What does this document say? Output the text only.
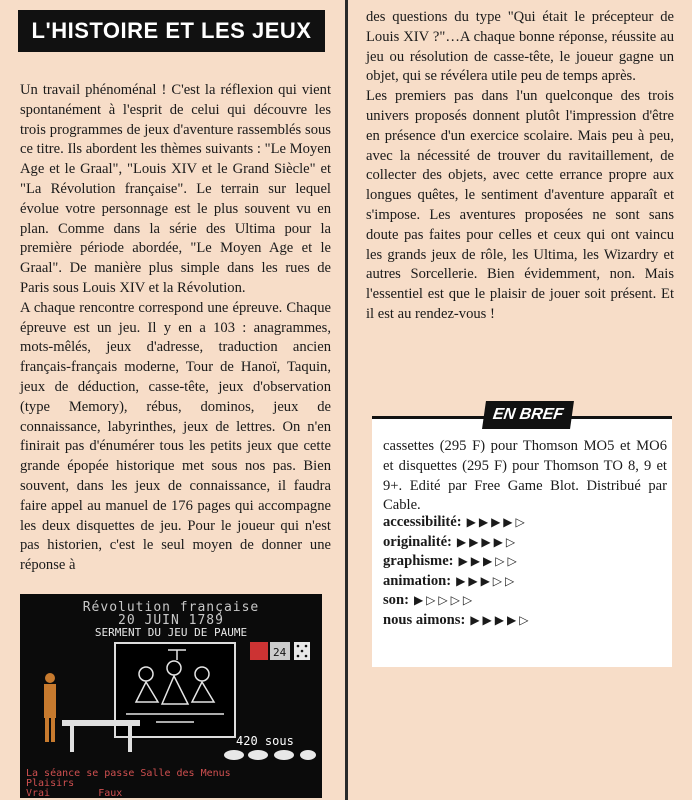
L'HISTOIRE ET LES JEUX

Un travail phénoménal ! C'est la réflexion qui vient spontanément à l'esprit de celui qui découvre les trois programmes de jeux d'aventure rassemblés sous ce titre. Ils abordent les thèmes suivants : "Le Moyen Age et le Graal", "Louis XIV et le Grand Siècle" et "La Révolution française". Le terrain sur lequel évolue votre personnage est le plus souvent vu en plan. Comme dans la série des Ultima pour la première période abordée, "Le Moyen Age et le Graal". De manière plus simple dans les rues de Paris sous Louis XIV et la Révolution.

A chaque rencontre correspond une épreuve. Chaque épreuve est un jeu. Il y en a 103 : anagrammes, mots-mêlés, jeux d'adresse, traduction ancien français-français moderne, Tour de Hanoï, Taquin, jeux de déduction, casse-tête, jeux d'observation (type Memory), rébus, dominos, jeux de connaissance, labyrinthes, jeux de lettres. On n'en finirait pas d'énumérer tous les petits jeux que cette grande épopée historique met sous nos pas. Bien souvent, dans les jeux de connaissance, il faudra faire appel au manuel de 176 pages qui accompagne les deux disquettes de jeu. Pour le joueur qui n'est pas historien, c'est le seul moyen de donner une réponse à

des questions du type "Qui était le précepteur de Louis XIV ?"…A chaque bonne réponse, réussite au jeu ou résolution de casse-tête, le joueur gagne un objet, qui se révélera utile peu de temps après.

Les premiers pas dans l'un quelconque des trois univers proposés donnent plutôt l'impression d'être en présence d'un exercice scolaire. Mais peu à peu, avec la nécessité de trouver du ravitaillement, de collecter des objets, avec cette errance propre aux longues quêtes, le sentiment d'aventure apparaît et s'impose. Les aventures proposées ne sont sans doute pas faites pour celles et ceux qui ont vaincu les grands jeux de rôle, les Ultima, les Wizardry et autres Sorcellerie. Bien évidemment, non. Mais l'essentiel est que le plaisir de jouer soit présent. Et il est au rendez-vous !

Révolution française
20 JUIN 1789
SERMENT DU JEU DE PAUME
24
420 sous
La séance se passe Salle des Menus
Plaisirs
Vrai        Faux
EN BREF
cassettes (295 F) pour Thomson MO5 et MO6 et disquettes (295 F) pour Thomson TO 8, 9 et 9+. Edité par Free Game Blot. Distribué par Cable.
accessibilité: ▶▶▶▶▷
originalité: ▶▶▶▶▷
graphisme: ▶▶▶▷▷
animation: ▶▶▶▷▷
son: ▶▷▷▷▷
nous aimons: ▶▶▶▶▷
